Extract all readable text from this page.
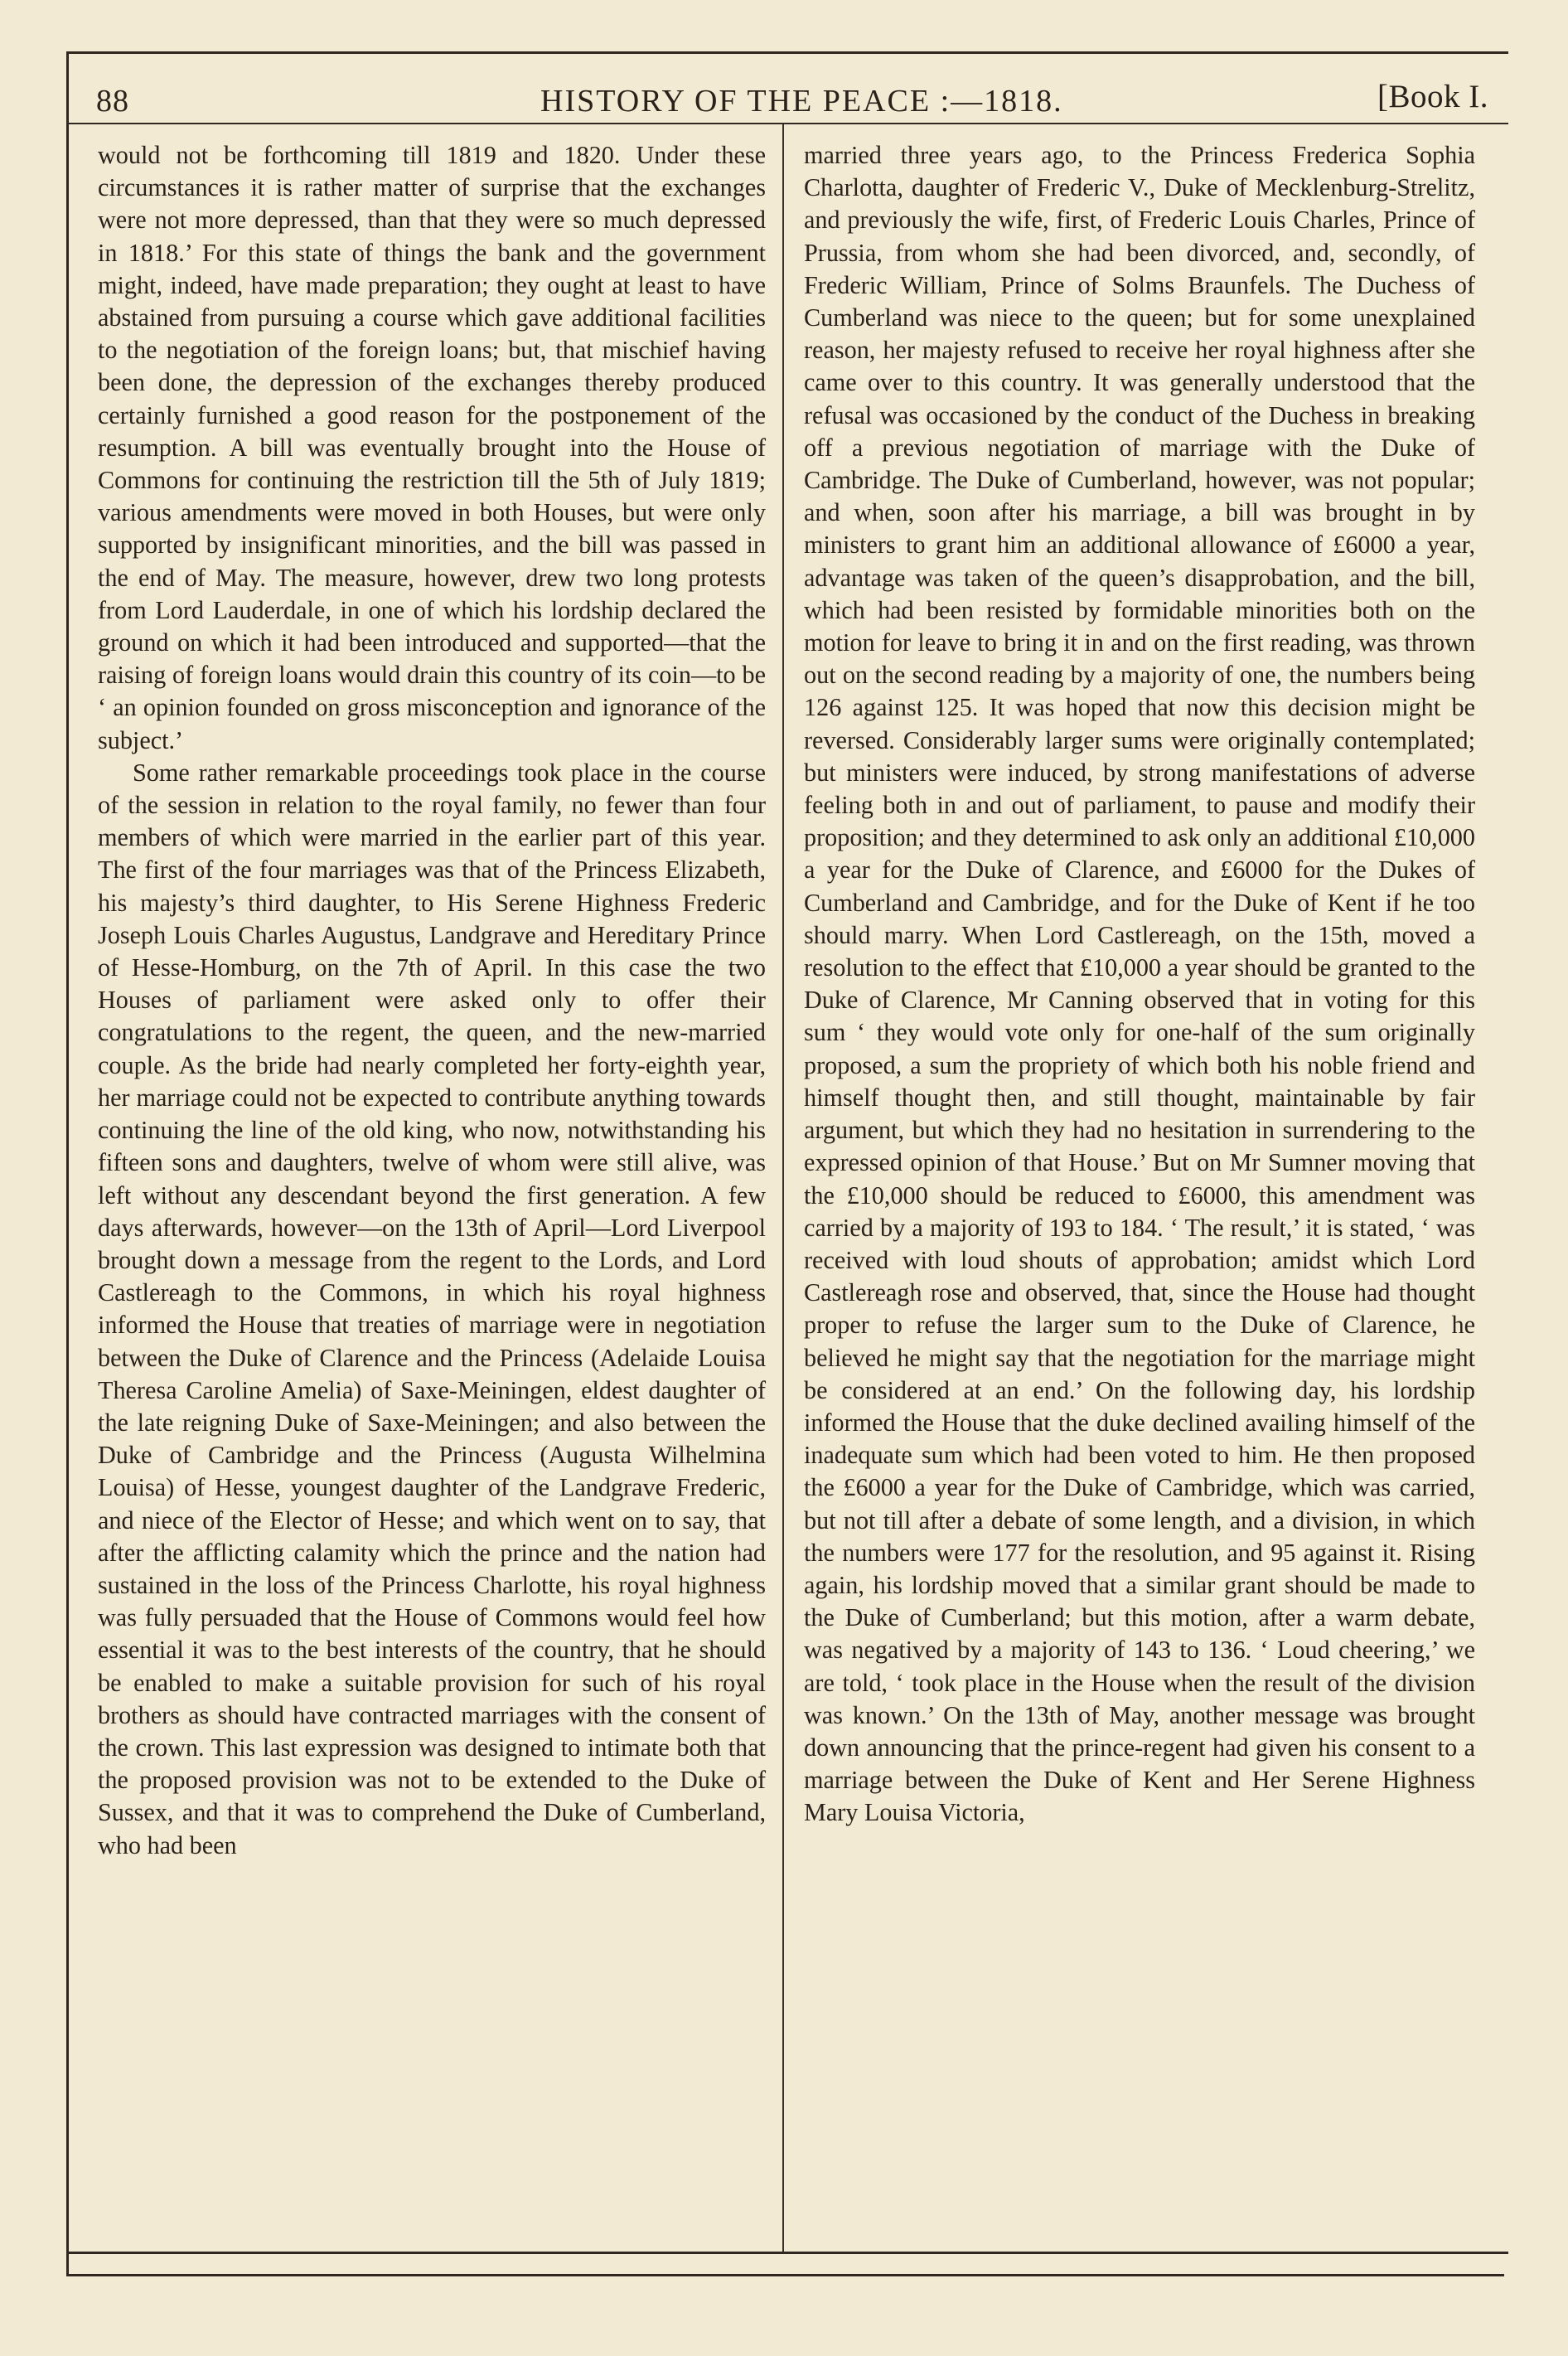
88	HISTORY OF THE PEACE :—1818.	[Book I.

would not be forthcoming till 1819 and 1820. Under these circumstances it is rather matter of surprise that the exchanges were not more depressed, than that they were so much depressed in 1818.’ For this state of things the bank and the government might, indeed, have made preparation; they ought at least to have abstained from pursuing a course which gave additional facilities to the negotiation of the foreign loans; but, that mischief having been done, the depression of the exchanges thereby produced certainly furnished a good reason for the postponement of the resumption. A bill was eventually brought into the House of Commons for continuing the restriction till the 5th of July 1819; various amendments were moved in both Houses, but were only supported by insignificant minorities, and the bill was passed in the end of May. The measure, however, drew two long protests from Lord Lauderdale, in one of which his lordship declared the ground on which it had been introduced and supported—that the raising of foreign loans would drain this country of its coin—to be ‘ an opinion founded on gross misconception and ignorance of the subject.’

Some rather remarkable proceedings took place in the course of the session in relation to the royal family, no fewer than four members of which were married in the earlier part of this year. The first of the four marriages was that of the Princess Elizabeth, his majesty’s third daughter, to His Serene Highness Frederic Joseph Louis Charles Augustus, Landgrave and Hereditary Prince of Hesse-Homburg, on the 7th of April. In this case the two Houses of parliament were asked only to offer their congratulations to the regent, the queen, and the new-married couple. As the bride had nearly completed her forty-eighth year, her marriage could not be expected to contribute anything towards continuing the line of the old king, who now, notwithstanding his fifteen sons and daughters, twelve of whom were still alive, was left without any descendant beyond the first generation. A few days afterwards, however—on the 13th of April—Lord Liverpool brought down a message from the regent to the Lords, and Lord Castlereagh to the Commons, in which his royal highness informed the House that treaties of marriage were in negotiation between the Duke of Clarence and the Princess (Adelaide Louisa Theresa Caroline Amelia) of Saxe-Meiningen, eldest daughter of the late reigning Duke of Saxe-Meiningen; and also between the Duke of Cambridge and the Princess (Augusta Wilhelmina Louisa) of Hesse, youngest daughter of the Landgrave Frederic, and niece of the Elector of Hesse; and which went on to say, that after the afflicting calamity which the prince and the nation had sustained in the loss of the Princess Charlotte, his royal highness was fully persuaded that the House of Commons would feel how essential it was to the best interests of the country, that he should be enabled to make a suitable provision for such of his royal brothers as should have contracted marriages with the consent of the crown. This last expression was designed to intimate both that the proposed provision was not to be extended to the Duke of Sussex, and that it was to comprehend the Duke of Cumberland, who had been

married three years ago, to the Princess Frederica Sophia Charlotta, daughter of Frederic V., Duke of Mecklenburg-Strelitz, and previously the wife, first, of Frederic Louis Charles, Prince of Prussia, from whom she had been divorced, and, secondly, of Frederic William, Prince of Solms Braunfels. The Duchess of Cumberland was niece to the queen; but for some unexplained reason, her majesty refused to receive her royal highness after she came over to this country. It was generally understood that the refusal was occasioned by the conduct of the Duchess in breaking off a previous negotiation of marriage with the Duke of Cambridge. The Duke of Cumberland, however, was not popular; and when, soon after his marriage, a bill was brought in by ministers to grant him an additional allowance of £6000 a year, advantage was taken of the queen’s disapprobation, and the bill, which had been resisted by formidable minorities both on the motion for leave to bring it in and on the first reading, was thrown out on the second reading by a majority of one, the numbers being 126 against 125. It was hoped that now this decision might be reversed. Considerably larger sums were originally contemplated; but ministers were induced, by strong manifestations of adverse feeling both in and out of parliament, to pause and modify their proposition; and they determined to ask only an additional £10,000 a year for the Duke of Clarence, and £6000 for the Dukes of Cumberland and Cambridge, and for the Duke of Kent if he too should marry. When Lord Castlereagh, on the 15th, moved a resolution to the effect that £10,000 a year should be granted to the Duke of Clarence, Mr Canning observed that in voting for this sum ‘ they would vote only for one-half of the sum originally proposed, a sum the propriety of which both his noble friend and himself thought then, and still thought, maintainable by fair argument, but which they had no hesitation in surrendering to the expressed opinion of that House.’ But on Mr Sumner moving that the £10,000 should be reduced to £6000, this amendment was carried by a majority of 193 to 184. ‘ The result,’ it is stated, ‘ was received with loud shouts of approbation; amidst which Lord Castlereagh rose and observed, that, since the House had thought proper to refuse the larger sum to the Duke of Clarence, he believed he might say that the negotiation for the marriage might be considered at an end.’ On the following day, his lordship informed the House that the duke declined availing himself of the inadequate sum which had been voted to him. He then proposed the £6000 a year for the Duke of Cambridge, which was carried, but not till after a debate of some length, and a division, in which the numbers were 177 for the resolution, and 95 against it. Rising again, his lordship moved that a similar grant should be made to the Duke of Cumberland; but this motion, after a warm debate, was negatived by a majority of 143 to 136. ‘ Loud cheering,’ we are told, ‘ took place in the House when the result of the division was known.’ On the 13th of May, another message was brought down announcing that the prince-regent had given his consent to a marriage between the Duke of Kent and Her Serene Highness Mary Louisa Victoria,
